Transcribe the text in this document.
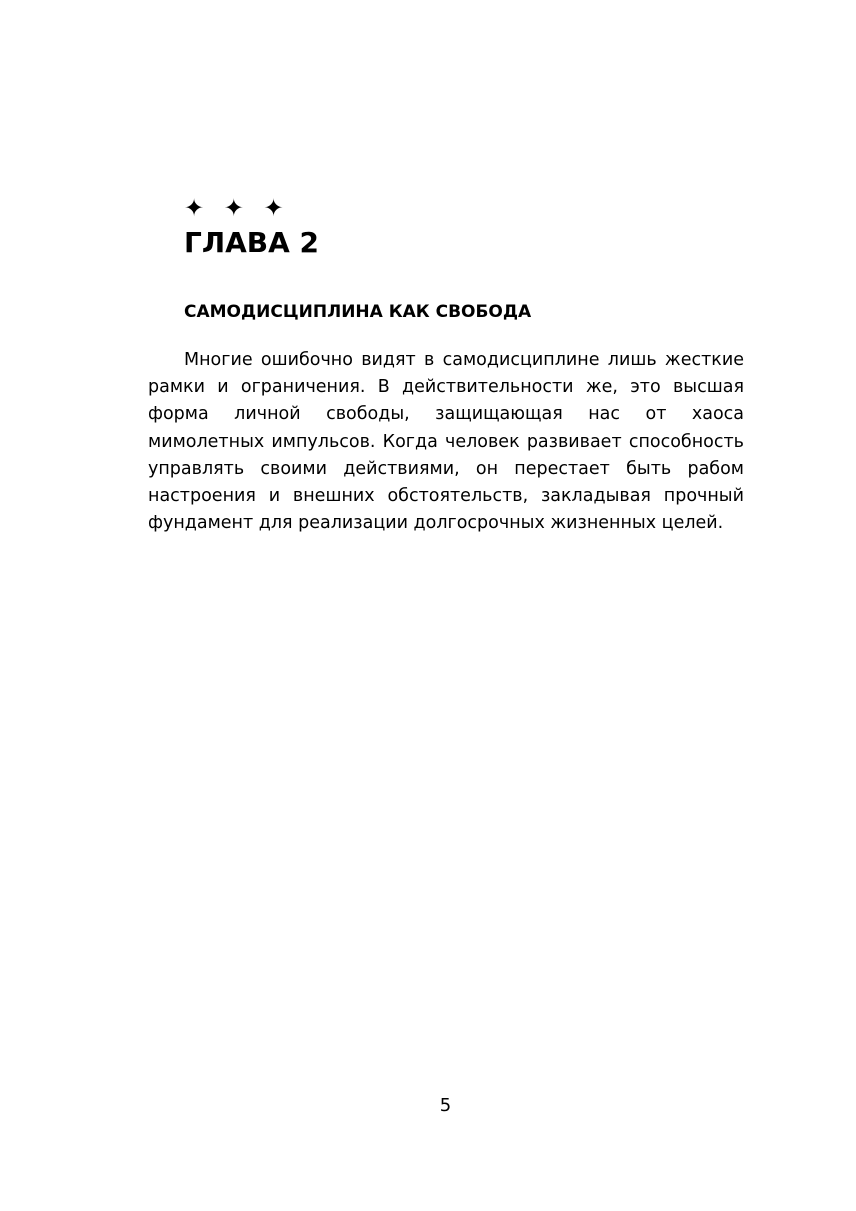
✦ ✦ ✦
ГЛАВА 2
САМОДИСЦИПЛИНА КАК СВОБОДА

Многие ошибочно видят в самодисциплине лишь жесткие рамки и ограничения. В действительности же, это высшая форма личной свободы, защищающая нас от хаоса мимолетных импульсов. Когда человек развивает способность управлять своими действиями, он перестает быть рабом настроения и внешних обстоятельств, закладывая прочный фундамент для реализации долгосрочных жизненных целей.

5
